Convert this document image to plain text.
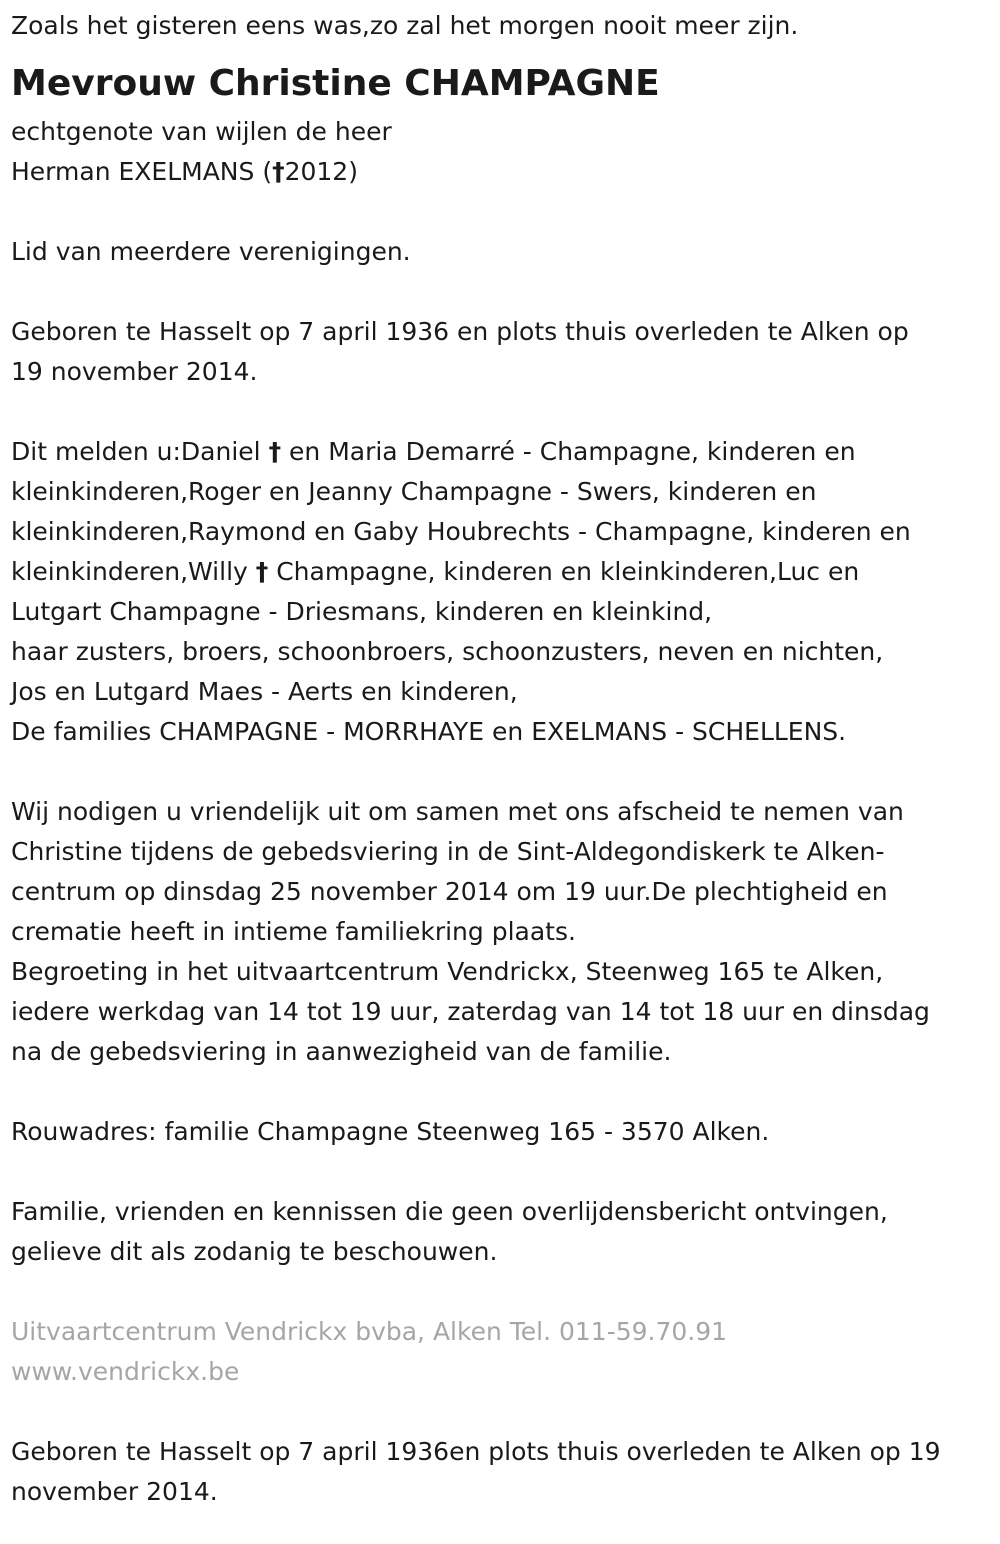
Zoals het gisteren eens was,zo zal het morgen nooit meer zijn.

Mevrouw Christine CHAMPAGNE

echtgenote van wijlen de heer

Herman EXELMANS (†2012)

Lid van meerdere verenigingen.

Geboren te Hasselt op 7 april 1936 en plots thuis overleden te Alken op
19 november 2014.

Dit melden u:Daniel † en Maria Demarré - Champagne, kinderen en
kleinkinderen,Roger en Jeanny Champagne - Swers, kinderen en
kleinkinderen,Raymond en Gaby Houbrechts - Champagne, kinderen en
kleinkinderen,Willy † Champagne, kinderen en kleinkinderen,Luc en
Lutgart Champagne - Driesmans, kinderen en kleinkind,
haar zusters, broers, schoonbroers, schoonzusters, neven en nichten,
Jos en Lutgard Maes - Aerts en kinderen,
De families CHAMPAGNE - MORRHAYE en EXELMANS - SCHELLENS.

Wij nodigen u vriendelijk uit om samen met ons afscheid te nemen van
Christine tijdens de gebedsviering in de Sint-Aldegondiskerk te Alken-
centrum op dinsdag 25 november 2014 om 19 uur.De plechtigheid en
crematie heeft in intieme familiekring plaats.
Begroeting in het uitvaartcentrum Vendrickx, Steenweg 165 te Alken,
iedere werkdag van 14 tot 19 uur, zaterdag van 14 tot 18 uur en dinsdag
na de gebedsviering in aanwezigheid van de familie.

Rouwadres: familie Champagne Steenweg 165 - 3570 Alken.

Familie, vrienden en kennissen die geen overlijdensbericht ontvingen,
gelieve dit als zodanig te beschouwen.

Uitvaartcentrum Vendrickx bvba, Alken Tel. 011-59.70.91

www.vendrickx.be

Geboren te Hasselt op 7 april 1936en plots thuis overleden te Alken op 19
november 2014.
